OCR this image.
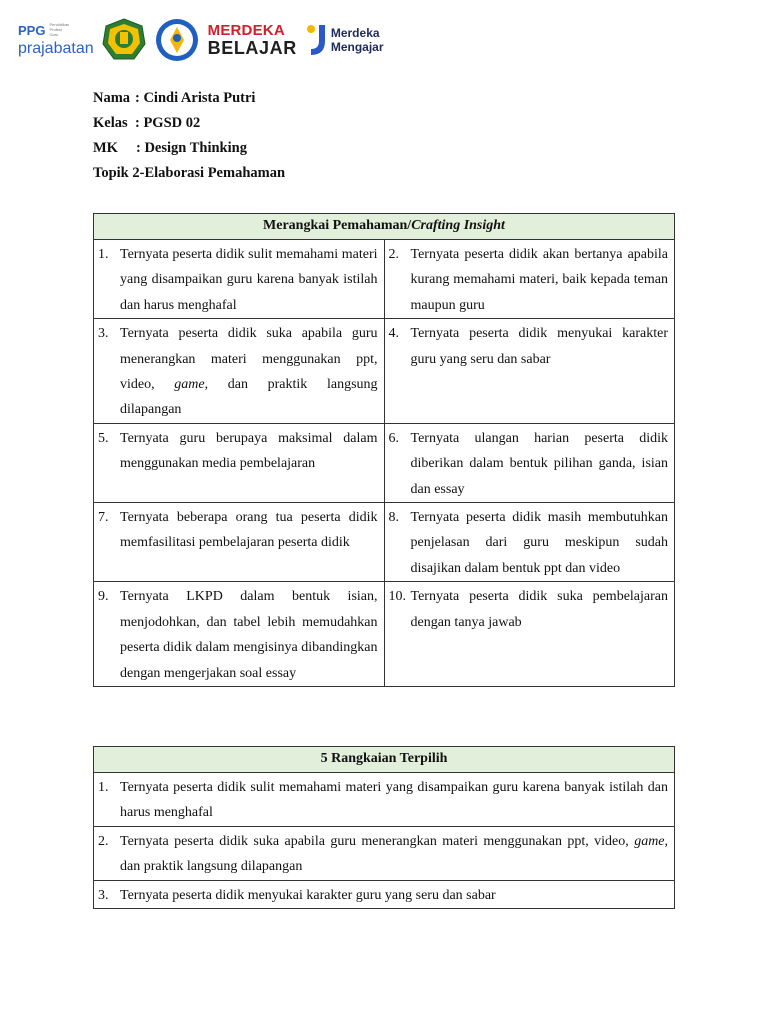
PPG Pendidikan Profesi Guru
prajabatan
MERDEKA
BELAJAR
Merdeka
Mengajar
Nama : Cindi Arista Putri
Kelas : PGSD 02
MK	: Design Thinking
Topik 2-Elaborasi Pemahaman
Merangkai Pemahaman/Crafting Insight	

1. Ternyata peserta didik sulit memahami materi yang disampaikan guru karena banyak istilah dan harus menghafal	2. Ternyata peserta didik akan bertanya apabila kurang memahami materi, baik kepada teman maupun guru

3. Ternyata peserta didik suka apabila guru menerangkan materi menggunakan ppt, video, game, dan praktik langsung dilapangan	4. Ternyata peserta didik menyukai karakter guru yang seru dan sabar

5. Ternyata guru berupaya maksimal dalam menggunakan media pembelajaran	6. Ternyata ulangan harian peserta didik diberikan dalam bentuk pilihan ganda, isian dan essay

7. Ternyata beberapa orang tua peserta didik memfasilitasi pembelajaran peserta didik	8. Ternyata peserta didik masih membutuhkan penjelasan dari guru meskipun sudah disajikan dalam bentuk ppt dan video

9. Ternyata LKPD dalam bentuk isian, menjodohkan, dan tabel lebih memudahkan peserta didik dalam mengisinya dibandingkan dengan mengerjakan soal essay	10. Ternyata peserta didik suka pembelajaran dengan tanya jawab
5 Rangkaian Terpilih

1. Ternyata peserta didik sulit memahami materi yang disampaikan guru karena banyak istilah dan harus menghafal

2. Ternyata peserta didik suka apabila guru menerangkan materi menggunakan ppt, video, game, dan praktik langsung dilapangan

3. Ternyata peserta didik menyukai karakter guru yang seru dan sabar
